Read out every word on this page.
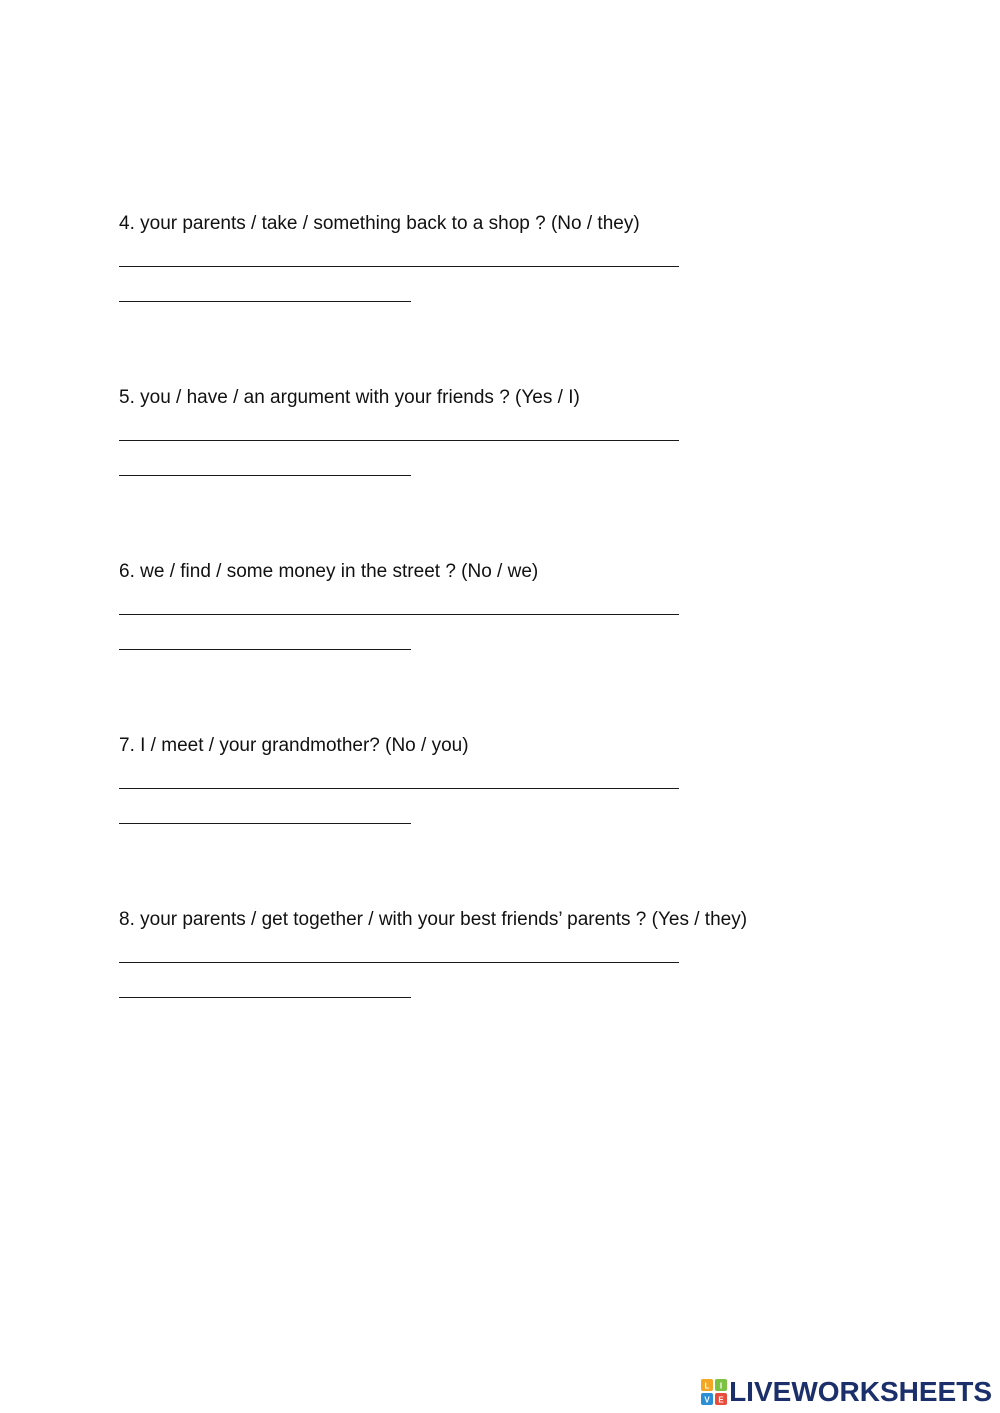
4. your parents / take / something back to a shop ? (No / they)
5. you / have / an argument with your friends ? (Yes / I)
6. we / find / some money in the street ? (No / we)
7. I / meet / your grandmother? (No / you)
8. your parents / get together / with your best friends’ parents ? (Yes / they)
L I
V E LIVEWORKSHEETS
